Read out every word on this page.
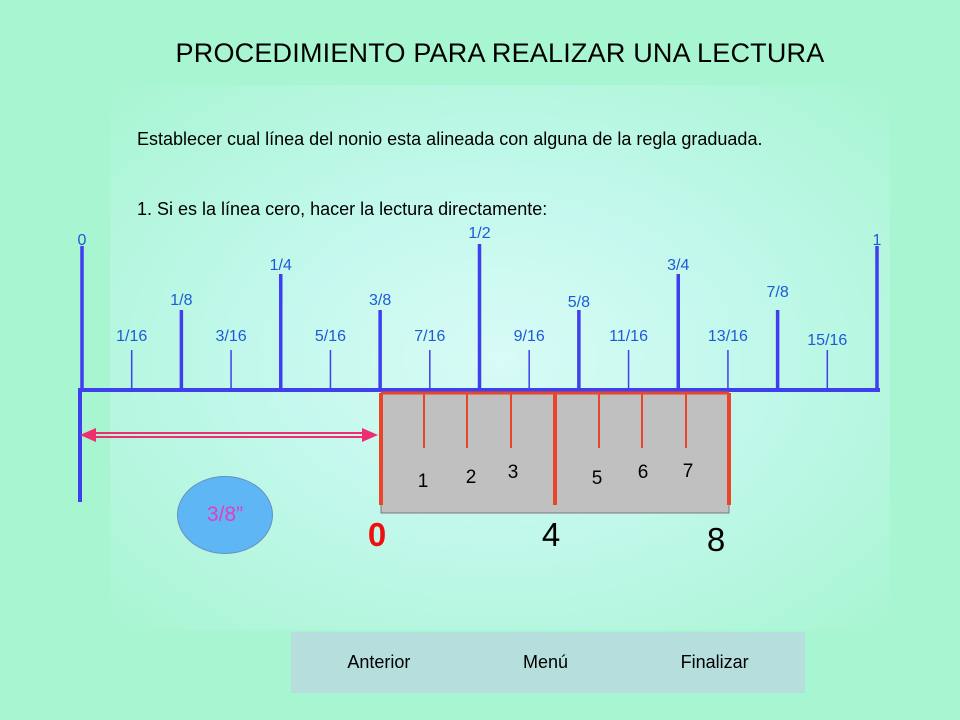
PROCEDIMIENTO PARA REALIZAR UNA LECTURA
Establecer cual línea del nonio esta alineada con alguna de la regla graduada.
1. Si es la línea cero, hacer la lectura directamente:
0
1/16
1/8
3/16
1/4
5/16
3/8
7/16
1/2
9/16
5/8
11/16
3/4
13/16
7/8
15/16
1
1 2 3	5 6 7
0	4	8
3/8”
Anterior	Menú	Finalizar
